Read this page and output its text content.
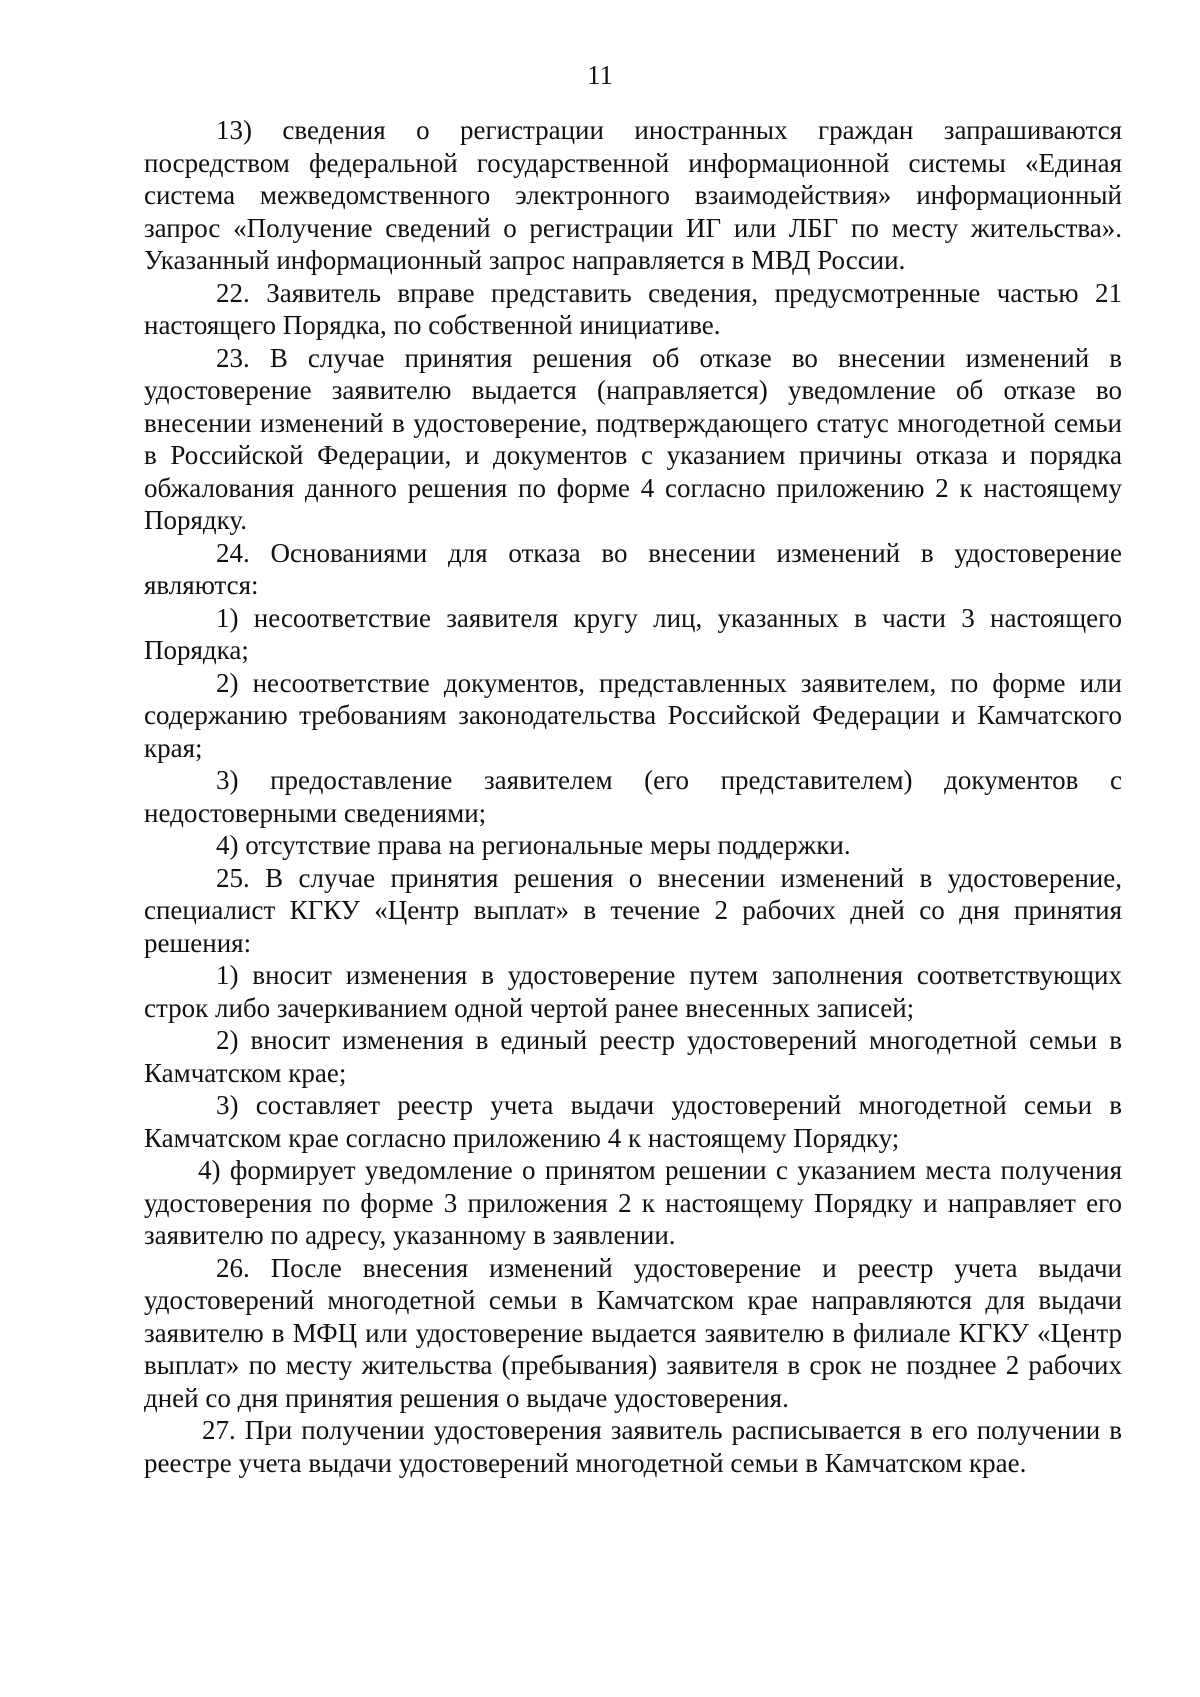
11

13) сведения о регистрации иностранных граждан запрашиваются посредством федеральной государственной информационной системы «Единая система межведомственного электронного взаимодействия» информационный запрос «Получение сведений о регистрации ИГ или ЛБГ по месту жительства». Указанный информационный запрос направляется в МВД России.

22. Заявитель вправе представить сведения, предусмотренные частью 21 настоящего Порядка, по собственной инициативе.

23. В случае принятия решения об отказе во внесении изменений в удостоверение заявителю выдается (направляется) уведомление об отказе во внесении изменений в удостоверение, подтверждающего статус многодетной семьи в Российской Федерации, и документов с указанием причины отказа и порядка обжалования данного решения по форме 4 согласно приложению 2 к настоящему Порядку.

24. Основаниями для отказа во внесении изменений в удостоверение являются:

1) несоответствие заявителя кругу лиц, указанных в части 3 настоящего Порядка;

2) несоответствие документов, представленных заявителем, по форме или содержанию требованиям законодательства Российской Федерации и Камчатского края;

3) предоставление заявителем (его представителем) документов с недостоверными сведениями;

4) отсутствие права на региональные меры поддержки.

25. В случае принятия решения о внесении изменений в удостоверение, специалист КГКУ «Центр выплат» в течение 2 рабочих дней со дня принятия решения:

1) вносит изменения в удостоверение путем заполнения соответствующих строк либо зачеркиванием одной чертой ранее внесенных записей;

2) вносит изменения в единый реестр удостоверений многодетной семьи в Камчатском крае;

3) составляет реестр учета выдачи удостоверений многодетной семьи в Камчатском крае согласно приложению 4 к настоящему Порядку;

4) формирует уведомление о принятом решении с указанием места получения удостоверения по форме 3 приложения 2 к настоящему Порядку и направляет его заявителю по адресу, указанному в заявлении.

26. После внесения изменений удостоверение и реестр учета выдачи удостоверений многодетной семьи в Камчатском крае направляются для выдачи заявителю в МФЦ или удостоверение выдается заявителю в филиале КГКУ «Центр выплат» по месту жительства (пребывания) заявителя в срок не позднее 2 рабочих дней со дня принятия решения о выдаче удостоверения.

27. При получении удостоверения заявитель расписывается в его получении в реестре учета выдачи удостоверений многодетной семьи в Камчатском крае.
